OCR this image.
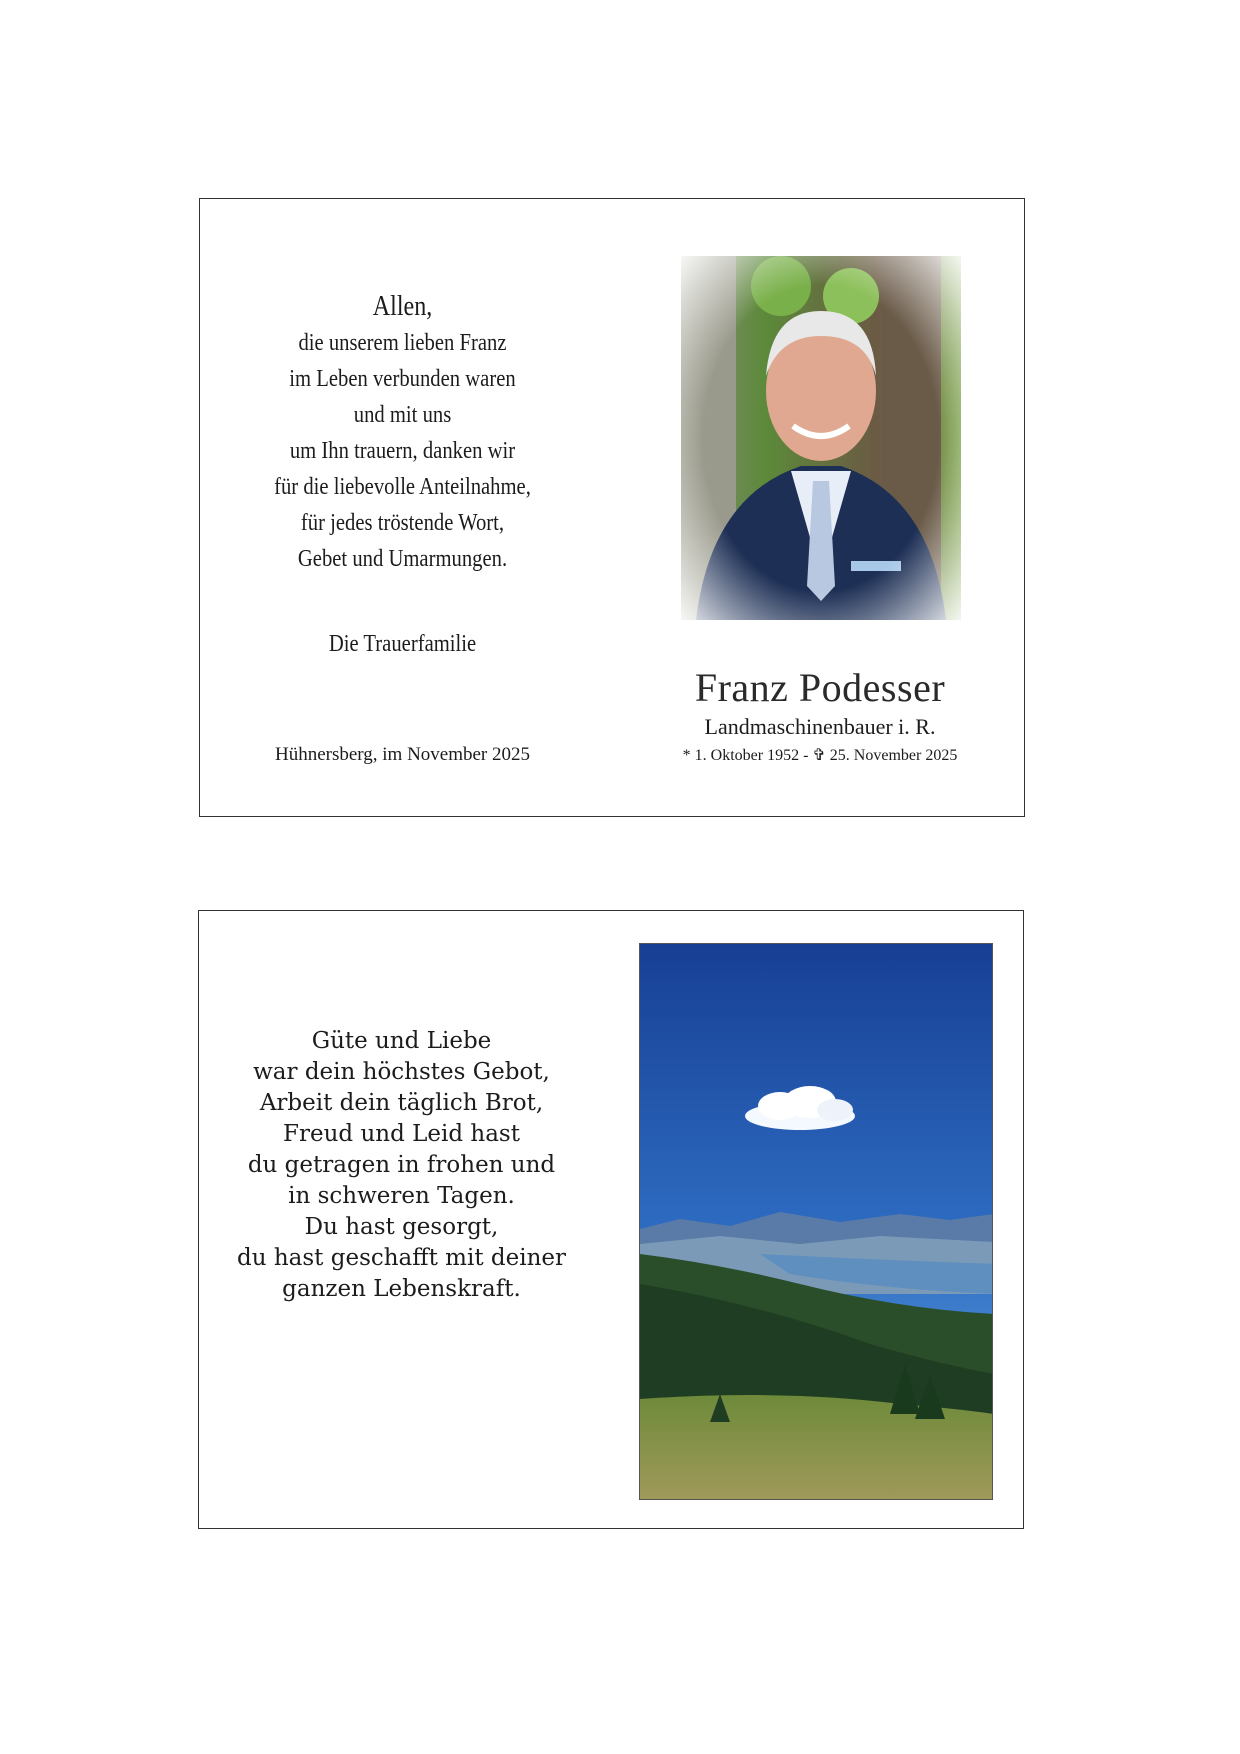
Allen,
die unserem lieben Franz
im Leben verbunden waren
und mit uns
um Ihn trauern, danken wir
für die liebevolle Anteilnahme,
für jedes tröstende Wort,
Gebet und Umarmungen.
Die Trauerfamilie
Hühnersberg, im November 2025
Franz Podesser
Landmaschinenbauer i. R.
* 1. Oktober 1952 - ✞ 25. November 2025
Güte und Liebe
war dein höchstes Gebot,
Arbeit dein täglich Brot,
Freud und Leid hast
du getragen in frohen und
in schweren Tagen.
Du hast gesorgt,
du hast geschafft mit deiner
ganzen Lebenskraft.
